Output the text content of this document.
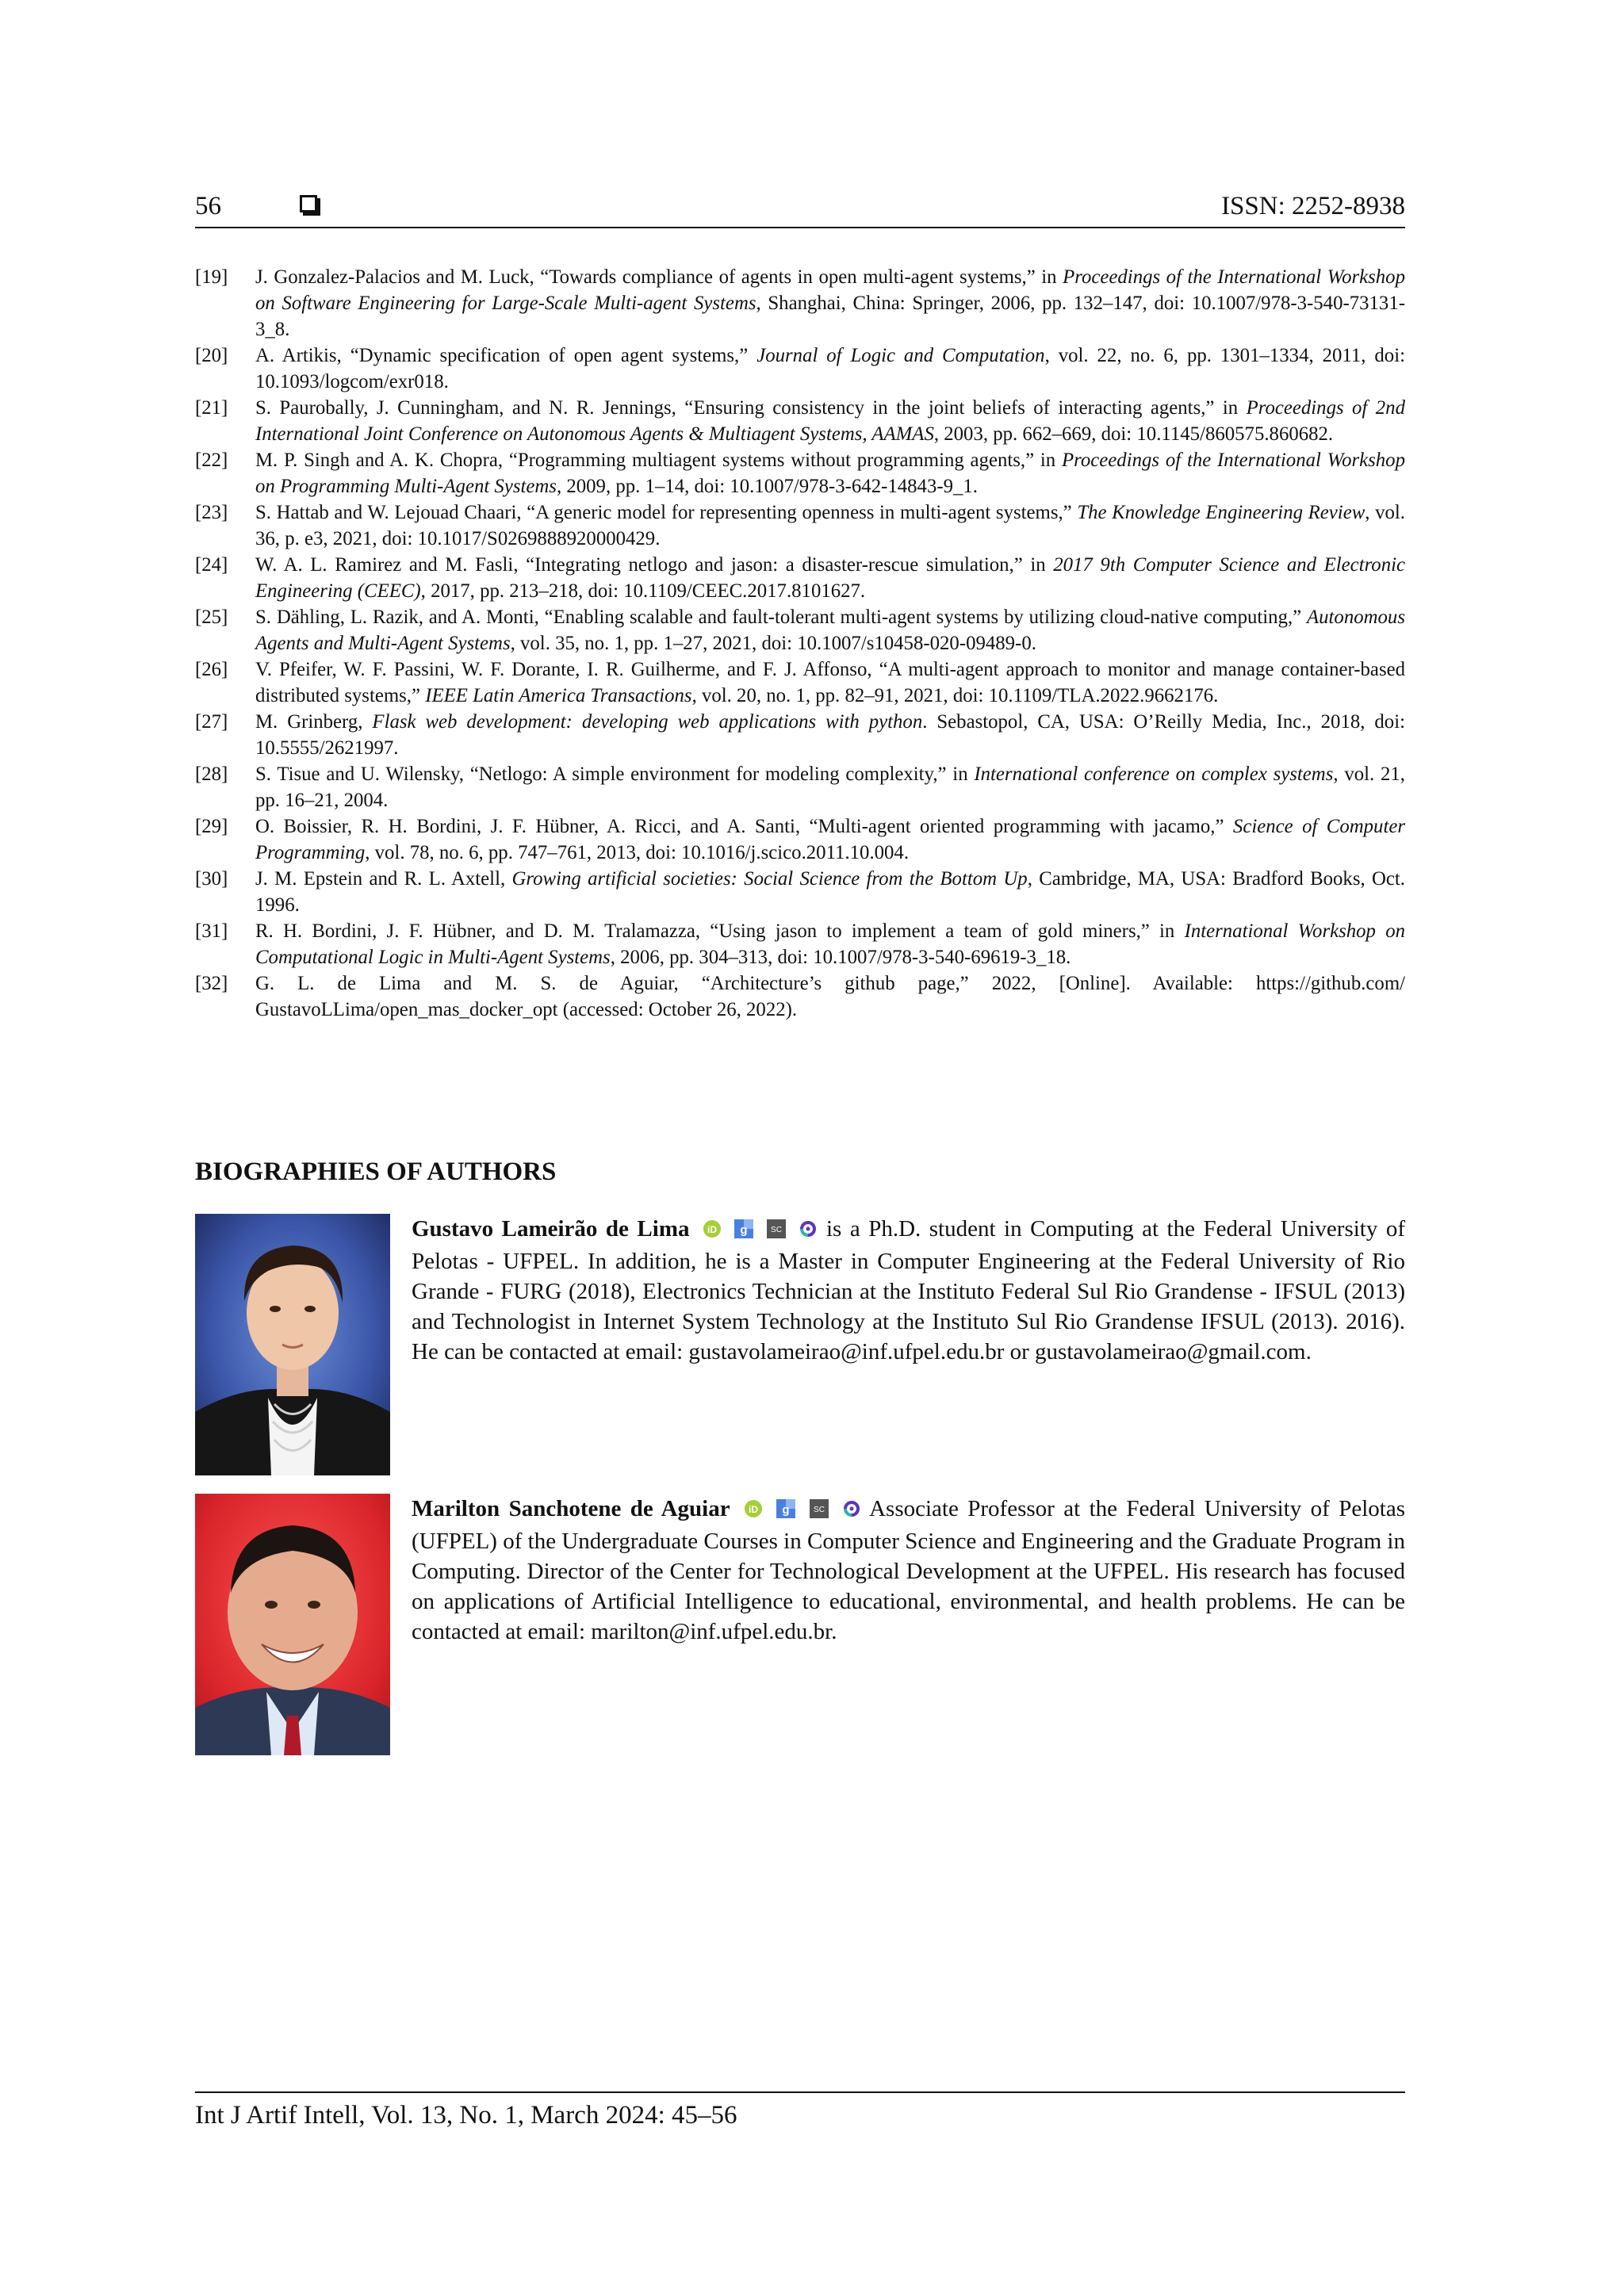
56	ISSN: 2252-8938
[19]	J. Gonzalez-Palacios and M. Luck, “Towards compliance of agents in open multi-agent systems,” in Proceedings of the International Workshop on Software Engineering for Large-Scale Multi-agent Systems, Shanghai, China: Springer, 2006, pp. 132–147, doi: 10.1007/978-3-540-73131-3_8.
[20]	A. Artikis, “Dynamic specification of open agent systems,” Journal of Logic and Computation, vol. 22, no. 6, pp. 1301–1334, 2011, doi: 10.1093/logcom/exr018.
[21]	S. Paurobally, J. Cunningham, and N. R. Jennings, “Ensuring consistency in the joint beliefs of interacting agents,” in Proceedings of 2nd International Joint Conference on Autonomous Agents & Multiagent Systems, AAMAS, 2003, pp. 662–669, doi: 10.1145/860575.860682.
[22]	M. P. Singh and A. K. Chopra, “Programming multiagent systems without programming agents,” in Proceedings of the International Workshop on Programming Multi-Agent Systems, 2009, pp. 1–14, doi: 10.1007/978-3-642-14843-9_1.
[23]	S. Hattab and W. Lejouad Chaari, “A generic model for representing openness in multi-agent systems,” The Knowledge Engineering Review, vol. 36, p. e3, 2021, doi: 10.1017/S0269888920000429.
[24]	W. A. L. Ramirez and M. Fasli, “Integrating netlogo and jason: a disaster-rescue simulation,” in 2017 9th Computer Science and Electronic Engineering (CEEC), 2017, pp. 213–218, doi: 10.1109/CEEC.2017.8101627.
[25]	S. Dähling, L. Razik, and A. Monti, “Enabling scalable and fault-tolerant multi-agent systems by utilizing cloud-native computing,” Autonomous Agents and Multi-Agent Systems, vol. 35, no. 1, pp. 1–27, 2021, doi: 10.1007/s10458-020-09489-0.
[26]	V. Pfeifer, W. F. Passini, W. F. Dorante, I. R. Guilherme, and F. J. Affonso, “A multi-agent approach to monitor and manage container-based distributed systems,” IEEE Latin America Transactions, vol. 20, no. 1, pp. 82–91, 2021, doi: 10.1109/TLA.2022.9662176.
[27]	M. Grinberg, Flask web development: developing web applications with python. Sebastopol, CA, USA: O’Reilly Media, Inc., 2018, doi: 10.5555/2621997.
[28]	S. Tisue and U. Wilensky, “Netlogo: A simple environment for modeling complexity,” in International conference on complex systems, vol. 21, pp. 16–21, 2004.
[29]	O. Boissier, R. H. Bordini, J. F. Hübner, A. Ricci, and A. Santi, “Multi-agent oriented programming with jacamo,” Science of Computer Programming, vol. 78, no. 6, pp. 747–761, 2013, doi: 10.1016/j.scico.2011.10.004.
[30]	J. M. Epstein and R. L. Axtell, Growing artificial societies: Social Science from the Bottom Up, Cambridge, MA, USA: Bradford Books, Oct. 1996.
[31]	R. H. Bordini, J. F. Hübner, and D. M. Tralamazza, “Using jason to implement a team of gold miners,” in International Workshop on Computational Logic in Multi-Agent Systems, 2006, pp. 304–313, doi: 10.1007/978-3-540-69619-3_18.
[32]	G. L. de Lima and M. S. de Aguiar, “Architecture’s github page,” 2022, [Online]. Available: https://github.com/ GustavoLLima/open_mas_docker_opt (accessed: October 26, 2022).
BIOGRAPHIES OF AUTHORS
Gustavo Lameirão de Lima iD
g
	SC is a Ph.D. student in Computing at the Federal University of Pelotas - UFPEL. In addition, he is a Master in Computer Engineering at the Federal University of Rio Grande - FURG (2018), Electronics Technician at the Instituto Federal Sul Rio Grandense - IFSUL (2013) and Technologist in Internet System Technology at the Instituto Sul Rio Grandense IFSUL (2013). 2016). He can be contacted at email: gustavolameirao@inf.ufpel.edu.br or gustavolameirao@gmail.com.
Marilton Sanchotene de Aguiar iD
g
	SC Associate Professor at the Federal University of Pelotas (UFPEL) of the Undergraduate Courses in Computer Science and Engineering and the Graduate Program in Computing. Director of the Center for Technological Development at the UFPEL. His research has focused on applications of Artificial Intelligence to educational, environmental, and health problems. He can be contacted at email: marilton@inf.ufpel.edu.br.
Int J Artif Intell, Vol. 13, No. 1, March 2024: 45–56
